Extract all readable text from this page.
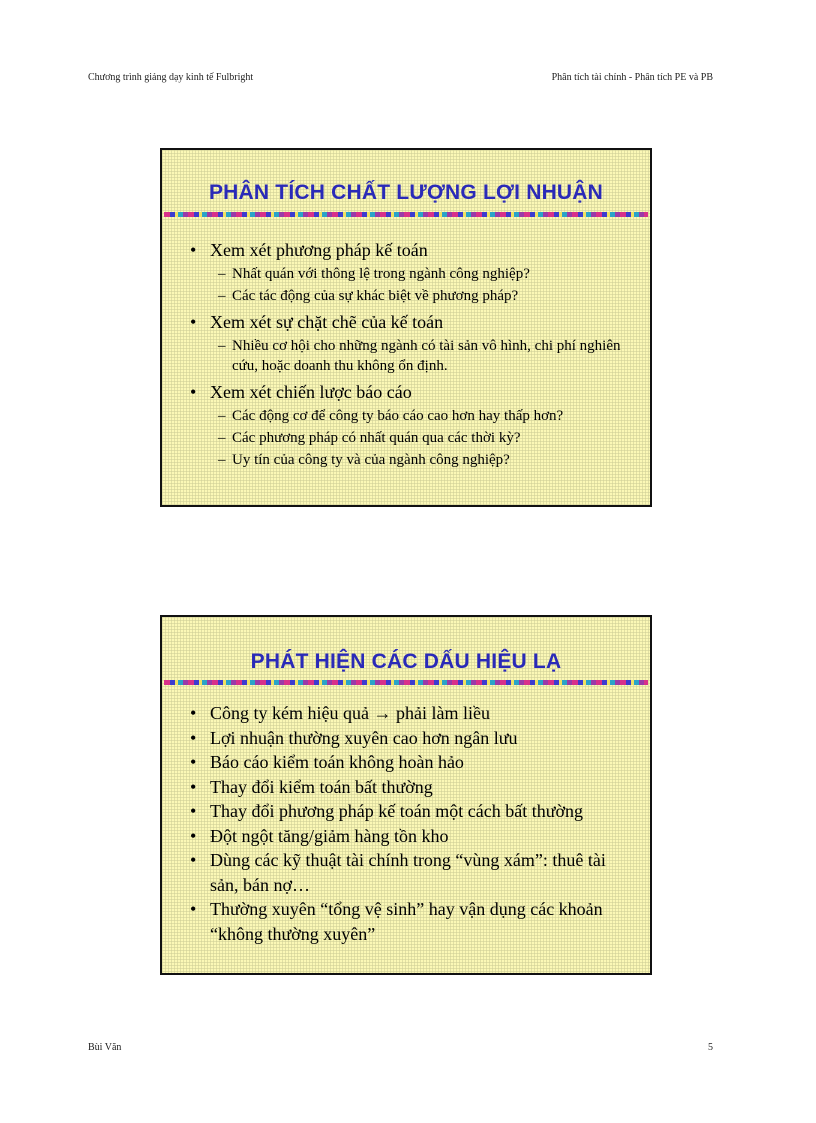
Chương trình giảng dạy kinh tế Fulbright	Phân tích tài chính - Phân tích PE và PB
PHÂN TÍCH CHẤT LƯỢNG LỢI NHUẬN

• Xem xét phương pháp kế toán

– Nhất quán với thông lệ trong ngành công nghiệp?

– Các tác động của sự khác biệt về phương pháp?

• Xem xét sự chặt chẽ của kế toán

– Nhiều cơ hội cho những ngành có tài sản vô hình, chi phí nghiên cứu, hoặc doanh thu không ổn định.

• Xem xét chiến lược báo cáo

– Các động cơ để công ty báo cáo cao hơn hay thấp hơn?

– Các phương pháp có nhất quán qua các thời kỳ?

– Uy tín của công ty và của ngành công nghiệp?

PHÁT HIỆN CÁC DẤU HIỆU LẠ

• Công ty kém hiệu quả → phải làm liều

• Lợi nhuận thường xuyên cao hơn ngân lưu

• Báo cáo kiểm toán không hoàn hảo

• Thay đổi kiểm toán bất thường

• Thay đổi phương pháp kế toán một cách bất thường

• Đột ngột tăng/giảm hàng tồn kho

• Dùng các kỹ thuật tài chính trong “vùng xám”: thuê tài sản, bán nợ…

• Thường xuyên “tổng vệ sinh” hay vận dụng các khoản “không thường xuyên”

Bùi Văn	5
